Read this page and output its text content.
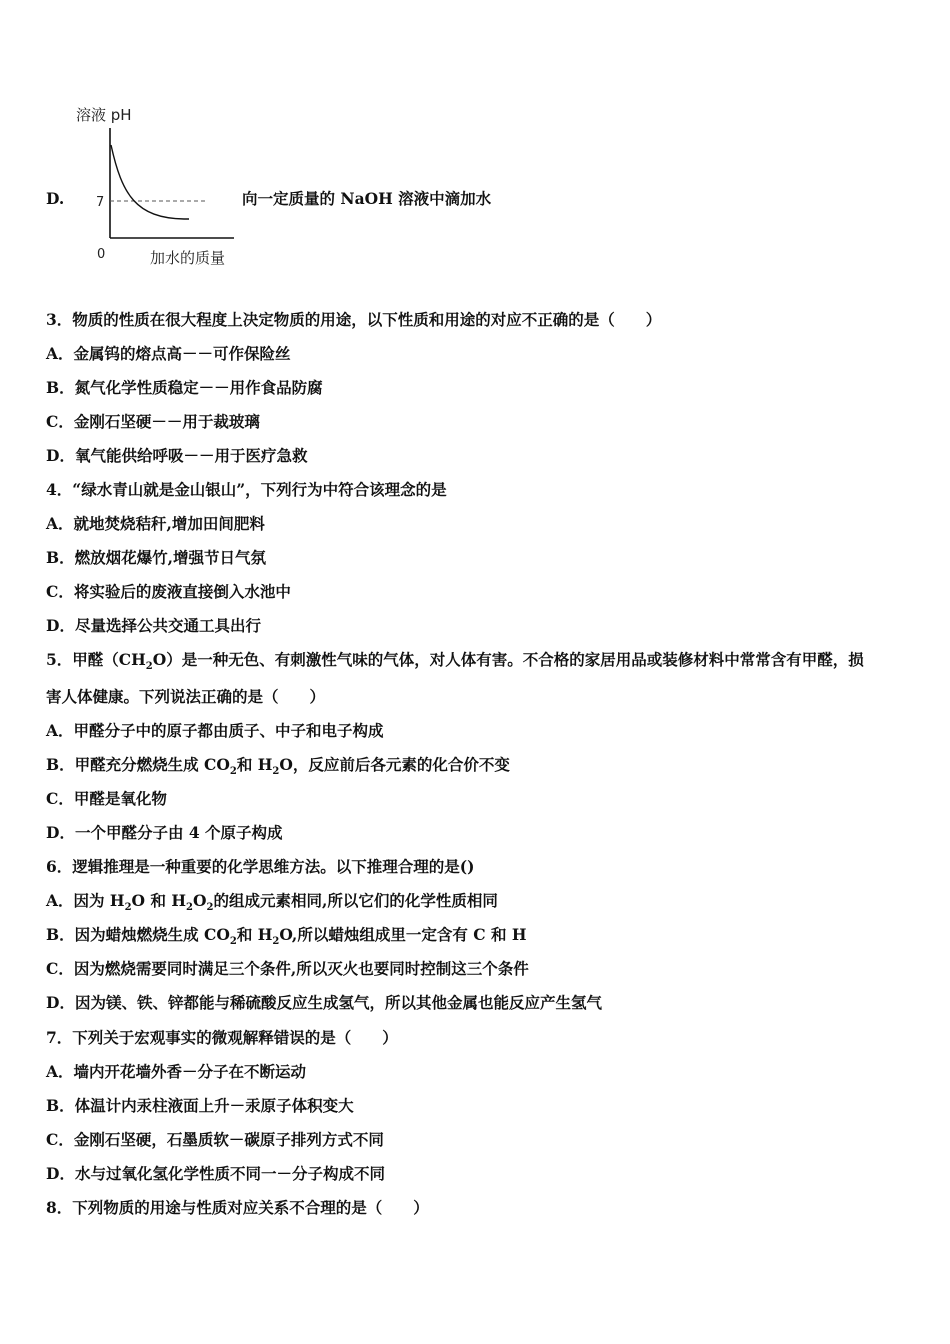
D.
溶液 pH
7
0	加水的质量
向一定质量的 NaOH 溶液中滴加水
3．物质的性质在很大程度上决定物质的用途，以下性质和用途的对应不正确的是（　　）
A．金属钨的熔点高－－可作保险丝
B．氮气化学性质稳定－－用作食品防腐
C．金刚石坚硬－－用于裁玻璃
D．氧气能供给呼吸－－用于医疗急救
4．“绿水青山就是金山银山”，下列行为中符合该理念的是
A．就地焚烧秸秆,增加田间肥料
B．燃放烟花爆竹,增强节日气氛
C．将实验后的废液直接倒入水池中
D．尽量选择公共交通工具出行
5．甲醛$(CH_2O)$是一种无色、有刺激性气味的气体，对人体有害。不合格的家居用品或装修材料中常常含有甲醛，损
害人体健康。下列说法正确的是（　　）
A．甲醛分子中的原子都由质子、中子和电子构成
B．甲醛充分燃烧生成 $CO_2$和 $H_2O$，反应前后各元素的化合价不变
C．甲醛是氧化物
D．一个甲醛分子由 4 个原子构成
6．逻辑推理是一种重要的化学思维方法。以下推理合理的是()
A．因为 $H_2O$ 和 $H_2O_2$的组成元素相同,所以它们的化学性质相同
B．因为蜡烛燃烧生成 $CO_2$和 $H_2O$,所以蜡烛组成里一定含有 C 和 H
C．因为燃烧需要同时满足三个条件,所以灭火也要同时控制这三个条件
D．因为镁、铁、锌都能与稀硫酸反应生成氢气，所以其他金属也能反应产生氢气
7．下列关于宏观事实的微观解释错误的是（　　）
A．墙内开花墙外香－分子在不断运动
B．体温计内汞柱液面上升－汞原子体积变大
C．金刚石坚硬，石墨质软－碳原子排列方式不同
D．水与过氧化氢化学性质不同一－分子构成不同
8．下列物质的用途与性质对应关系不合理的是（　　）
